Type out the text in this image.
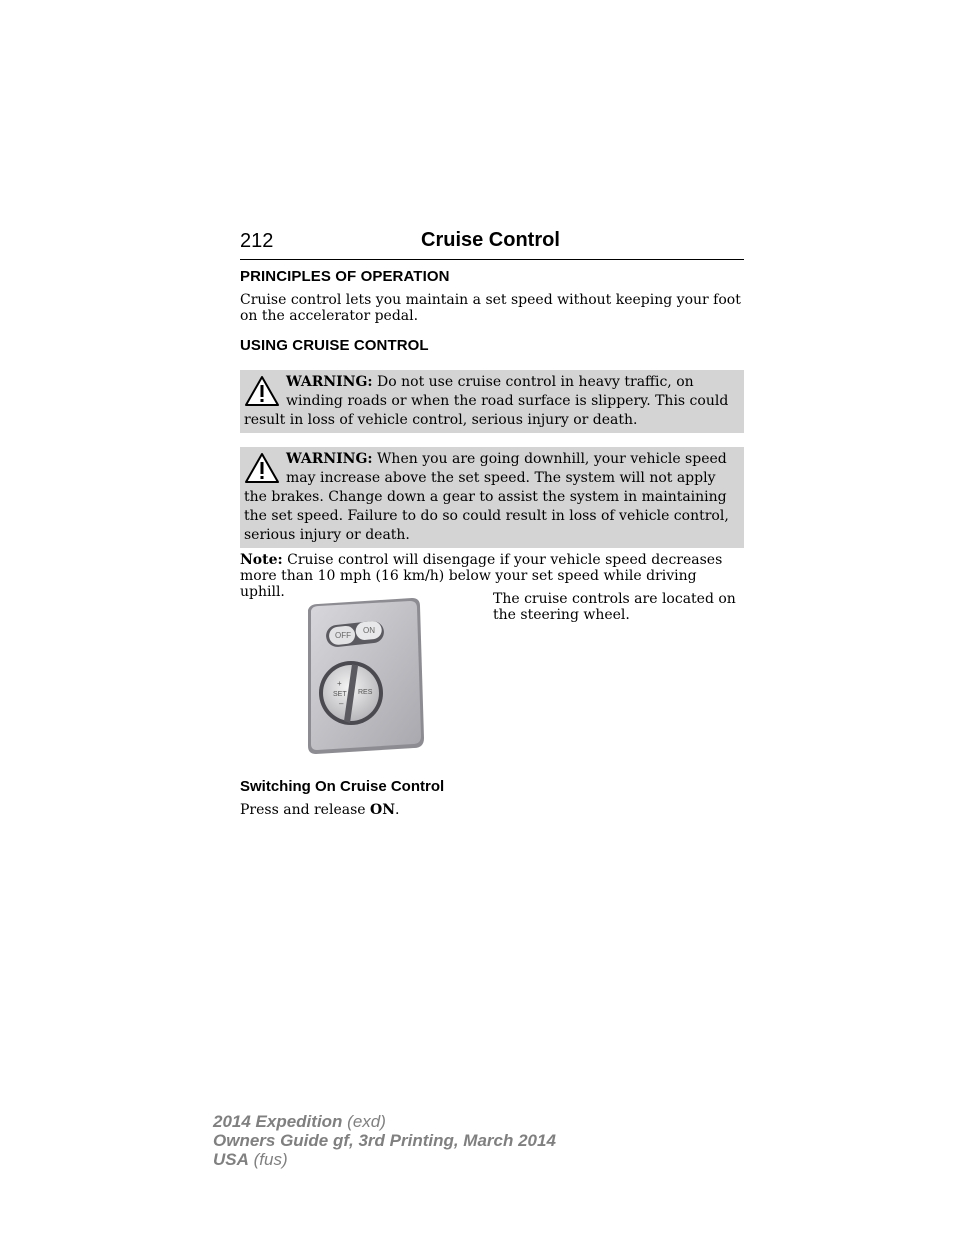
212	Cruise Control
PRINCIPLES OF OPERATION

Cruise control lets you maintain a set speed without keeping your foot on the accelerator pedal.

USING CRUISE CONTROL
WARNING: Do not use cruise control in heavy traffic, on winding roads or when the road surface is slippery. This could result in loss of vehicle control, serious injury or death.
WARNING: When you are going downhill, your vehicle speed may increase above the set speed. The system will not apply the brakes. Change down a gear to assist the system in maintaining the set speed. Failure to do so could result in loss of vehicle control, serious injury or death.

Note: Cruise control will disengage if your vehicle speed decreases more than 10 mph (16 km/h) below your set speed while driving uphill.

OFF
ON
+
SET
–
RES
The cruise controls are located on the steering wheel.
Switching On Cruise Control

Press and release ON.

2014 Expedition (exd)
Owners Guide gf, 3rd Printing, March 2014
USA (fus)
